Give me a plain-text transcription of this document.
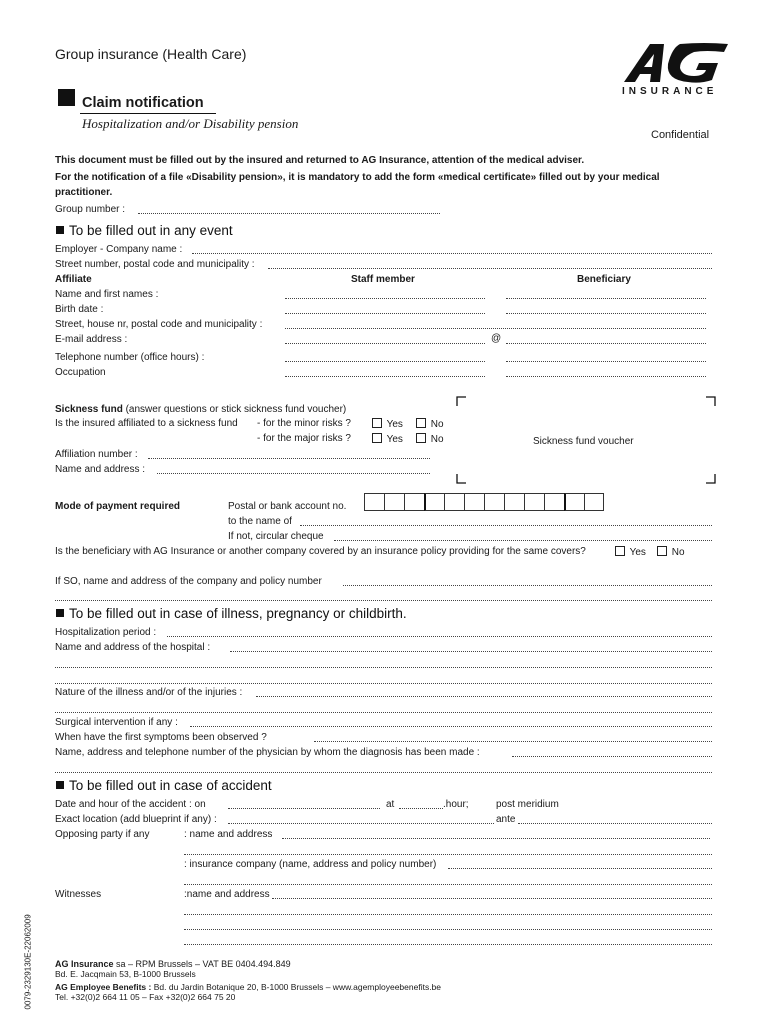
Group insurance (Health Care)
INSURANCE
Claim notification
Hospitalization and/or Disability pension
Confidential
This document must be filled out by the insured and returned to AG Insurance, attention of the medical adviser.
For the notification of a file «Disability pension», it is mandatory to add the form «medical certificate» filled out by your medical
practitioner.
Group number :
To be filled out in any event
Employer - Company name :
Street number, postal code and municipality :
Affiliate	Staff member	Beneficiary
Name and first names :
Birth date :
Street, house nr, postal code and municipality :
E-mail address :	@
Telephone number (office hours) :
Occupation
Sickness fund (answer questions or stick sickness fund voucher)
Is the insured affiliated to a sickness fund - for the minor risks ?	Yes	No
- for the major risks ?	Yes	No
Affiliation number :
Name and address :
Sickness fund voucher
Mode of payment required	Postal or bank account no.
to the name of
If not, circular cheque
Is the beneficiary with AG Insurance or another company covered by an insurance policy providing for the same covers?	Yes	No
If SO, name and address of the company and policy number
To be filled out in case of illness, pregnancy or childbirth.
Hospitalization period :
Name and address of the hospital :
Nature of the illness and/or of the injuries :
Surgical intervention if any :
When have the first symptoms been observed ?
Name, address and telephone number of the physician by whom the diagnosis has been made :
To be filled out in case of accident
Date and hour of the accident : on	at	.hour;	post meridium
Exact location (add blueprint if any) :	ante
Opposing party if any	: name and address
: insurance company (name, address and policy number)
Witnesses	:name and address
AG Insurance sa – RPM Brussels – VAT BE 0404.494.849
Bd. E. Jacqmain 53, B-1000 Brussels
AG Employee Benefits : Bd. du Jardin Botanique 20, B-1000 Brussels – www.agemployeebenefits.be
Tel. +32(0)2 664 11 05 – Fax +32(0)2 664 75 20
0079-2329130E-22062009
